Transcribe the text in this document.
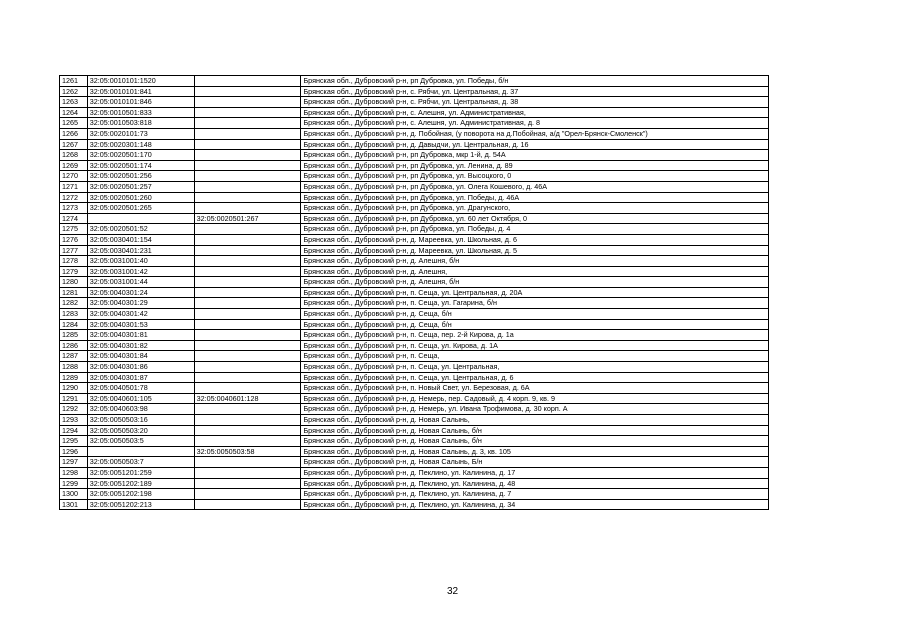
1261	32:05:0010101:1520		Брянская обл., Дубровский р-н, рп Дубровка, ул. Победы, б/н
1262	32:05:0010101:841		Брянская обл., Дубровский р-н, с. Рябчи, ул. Центральная, д. 37
1263	32:05:0010101:846		Брянская обл., Дубровский р-н, с. Рябчи, ул. Центральная, д. 38
1264	32:05:0010501:833		Брянская обл., Дубровский р-н, с. Алешня, ул. Административная,
1265	32:05:0010503:818		Брянская обл., Дубровский р-н, с. Алешня, ул. Административная, д. 8
1266	32:05:0020101:73		Брянская обл., Дубровский р-н, д. Побойная, (у поворота на д.Побойная, а/д "Орел-Брянск-Смоленск")
1267	32:05:0020301:148		Брянская обл., Дубровский р-н, д. Давыдчи, ул. Центральная, д. 16
1268	32:05:0020501:170		Брянская обл., Дубровский р-н, рп Дубровка, мкр 1-й, д. 54А
1269	32:05:0020501:174		Брянская обл., Дубровский р-н, рп Дубровка, ул. Ленина, д. 89
1270	32:05:0020501:256		Брянская обл., Дубровский р-н, рп Дубровка, ул. Высоцкого, 0
1271	32:05:0020501:257		Брянская обл., Дубровский р-н, рп Дубровка, ул. Олега Кошевого, д. 46А
1272	32:05:0020501:260		Брянская обл., Дубровский р-н, рп Дубровка, ул. Победы, д. 46А
1273	32:05:0020501:265		Брянская обл., Дубровский р-н, рп Дубровка, ул. Драгунского,
1274		32:05:0020501:267	Брянская обл., Дубровский р-н, рп Дубровка, ул. 60 лет Октября, 0
1275	32:05:0020501:52		Брянская обл., Дубровский р-н, рп Дубровка, ул. Победы, д. 4
1276	32:05:0030401:154		Брянская обл., Дубровский р-н, д. Мареевка, ул. Школьная, д. 6
1277	32:05:0030401:231		Брянская обл., Дубровский р-н, д. Мареевка, ул. Школьная, д. 5
1278	32:05:0031001:40		Брянская обл., Дубровский р-н, д. Алешня, б/н
1279	32:05:0031001:42		Брянская обл., Дубровский р-н, д. Алешня,
1280	32:05:0031001:44		Брянская обл., Дубровский р-н, д. Алешня, б/н
1281	32:05:0040301:24		Брянская обл., Дубровский р-н, п. Сеща, ул. Центральная, д. 20А
1282	32:05:0040301:29		Брянская обл., Дубровский р-н, п. Сеща, ул. Гагарина, б/н
1283	32:05:0040301:42		Брянская обл., Дубровский р-н, д. Сеща, б/н
1284	32:05:0040301:53		Брянская обл., Дубровский р-н, д. Сеща, б/н
1285	32:05:0040301:81		Брянская обл., Дубровский р-н, п. Сеща, пер. 2-й Кирова, д. 1а
1286	32:05:0040301:82		Брянская обл., Дубровский р-н, п. Сеща, ул. Кирова, д. 1А
1287	32:05:0040301:84		Брянская обл., Дубровский р-н, п. Сеща,
1288	32:05:0040301:86		Брянская обл., Дубровский р-н, п. Сеща, ул. Центральная,
1289	32:05:0040301:87		Брянская обл., Дубровский р-н, п. Сеща, ул. Центральная, д. 6
1290	32:05:0040501:78		Брянская обл., Дубровский р-н, п. Новый Свет, ул. Березовая, д. 6А
1291	32:05:0040601:105	32:05:0040601:128	Брянская обл., Дубровский р-н, д. Немерь, пер. Садовый, д. 4 корп. 9, кв. 9
1292	32:05:0040603:98		Брянская обл., Дубровский р-н, д. Немерь, ул. Ивана Трофимова, д. 30 корп. А
1293	32:05:0050503:16		Брянская обл., Дубровский р-н, д. Новая Салынь,
1294	32:05:0050503:20		Брянская обл., Дубровский р-н, д. Новая Салынь, б/н
1295	32:05:0050503:5		Брянская обл., Дубровский р-н, д. Новая Салынь, б/н
1296		32:05:0050503:58	Брянская обл., Дубровский р-н, д. Новая Салынь, д. 3, кв. 105
1297	32:05:0050503:7		Брянская обл., Дубровский р-н, д. Новая Салынь, Б/н
1298	32:05:0051201:259		Брянская обл., Дубровский р-н, д. Пеклино, ул. Калинина, д. 17
1299	32:05:0051202:189		Брянская обл., Дубровский р-н, д. Пеклино, ул. Калинина, д. 48
1300	32:05:0051202:198		Брянская обл., Дубровский р-н, д. Пеклино, ул. Калинина, д. 7
1301	32:05:0051202:213		Брянская обл., Дубровский р-н, д. Пеклино, ул. Калинина, д. 34
32
